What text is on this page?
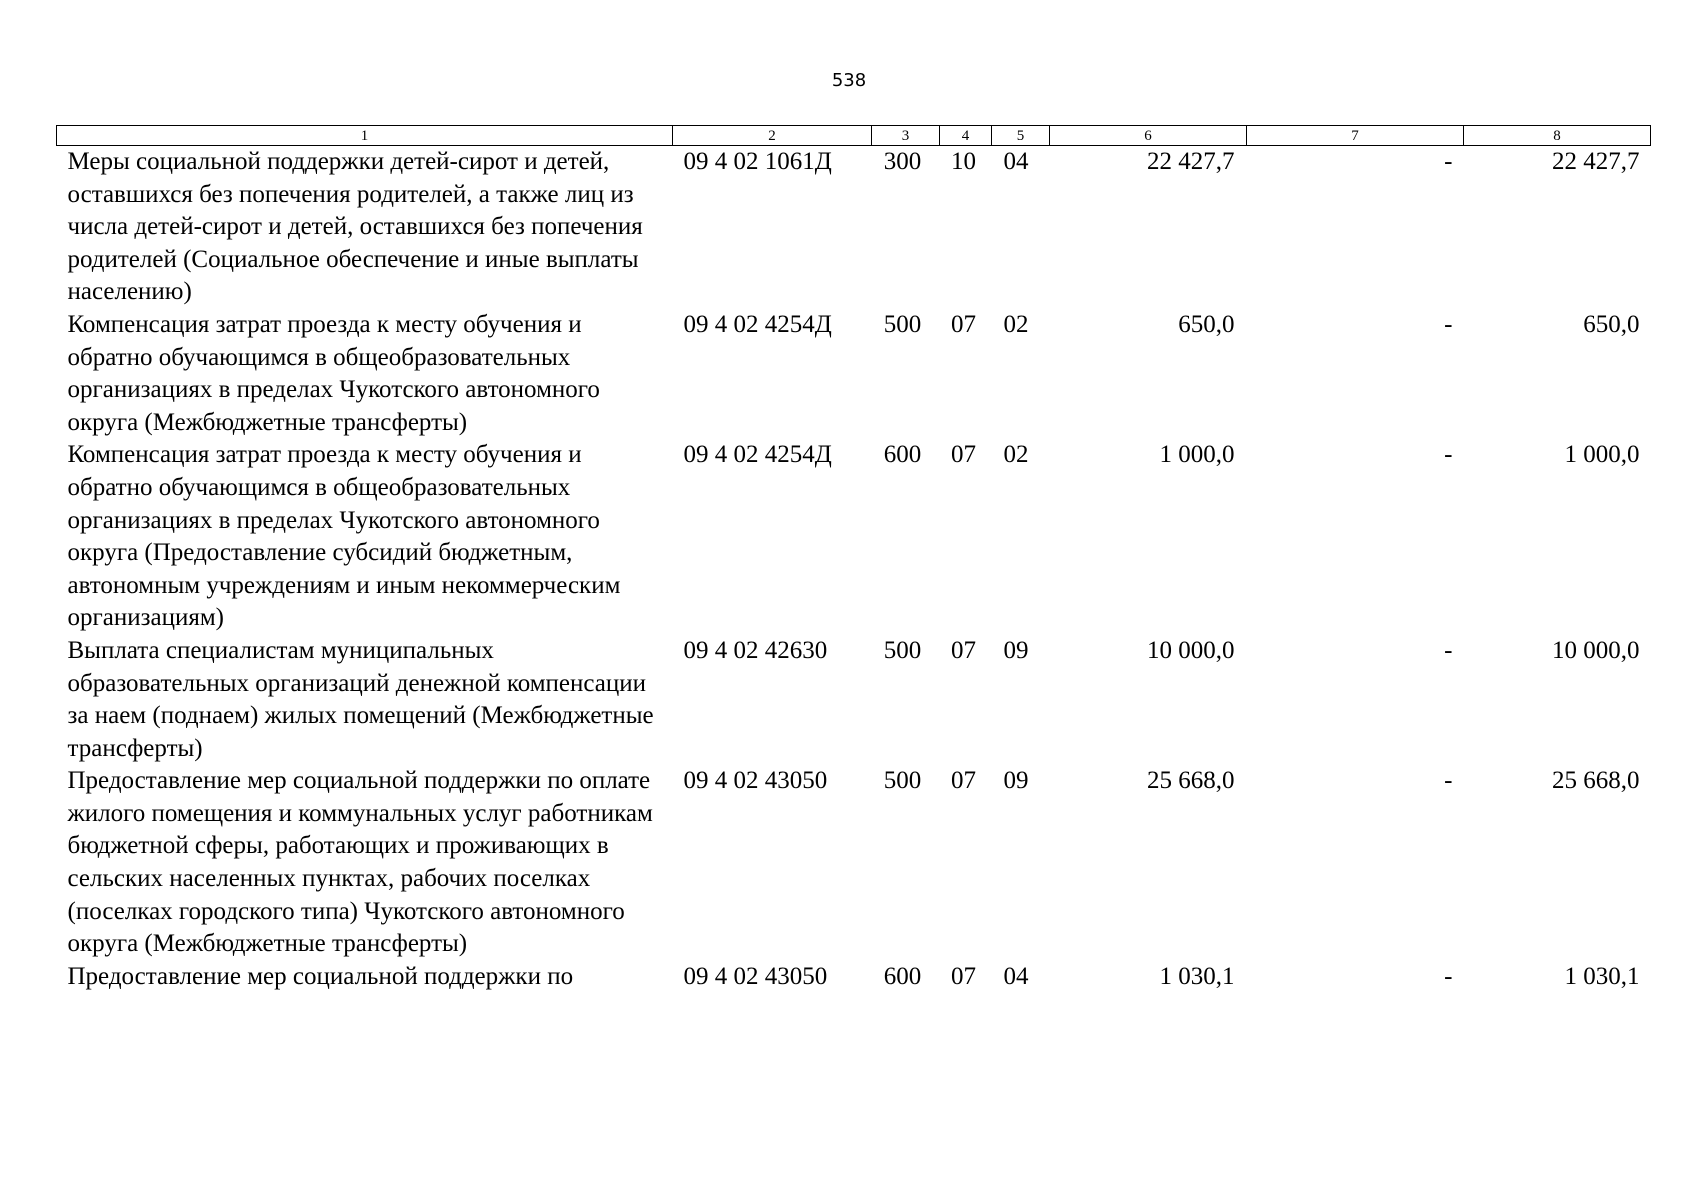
538
1	2	3	4	5	6	7	8
Меры социальной поддержки детей-сирот и детей, оставшихся без попечения родителей, а также лиц из числа детей-сирот и детей, оставшихся без попечения родителей (Социальное обеспечение и иные выплаты населению)	09 4 02 1061Д	300	10	04	22 427,7	-	22 427,7
Компенсация затрат проезда к месту обучения и обратно обучающимся в общеобразовательных организациях в пределах Чукотского автономного округа (Межбюджетные трансферты)	09 4 02 4254Д	500	07	02	650,0	-	650,0
Компенсация затрат проезда к месту обучения и обратно обучающимся в общеобразовательных организациях в пределах Чукотского автономного округа (Предоставление субсидий бюджетным, автономным учреждениям и иным некоммерческим организациям)	09 4 02 4254Д	600	07	02	1 000,0	-	1 000,0
Выплата специалистам муниципальных образовательных организаций денежной компенсации за наем (поднаем) жилых помещений (Межбюджетные трансферты)	09 4 02 42630	500	07	09	10 000,0	-	10 000,0
Предоставление мер социальной поддержки по оплате жилого помещения и коммунальных услуг работникам бюджетной сферы, работающих и проживающих в сельских населенных пунктах, рабочих поселках (поселках городского типа) Чукотского автономного округа (Межбюджетные трансферты)	09 4 02 43050	500	07	09	25 668,0	-	25 668,0
Предоставление мер социальной поддержки по	09 4 02 43050	600	07	04	1 030,1	-	1 030,1
